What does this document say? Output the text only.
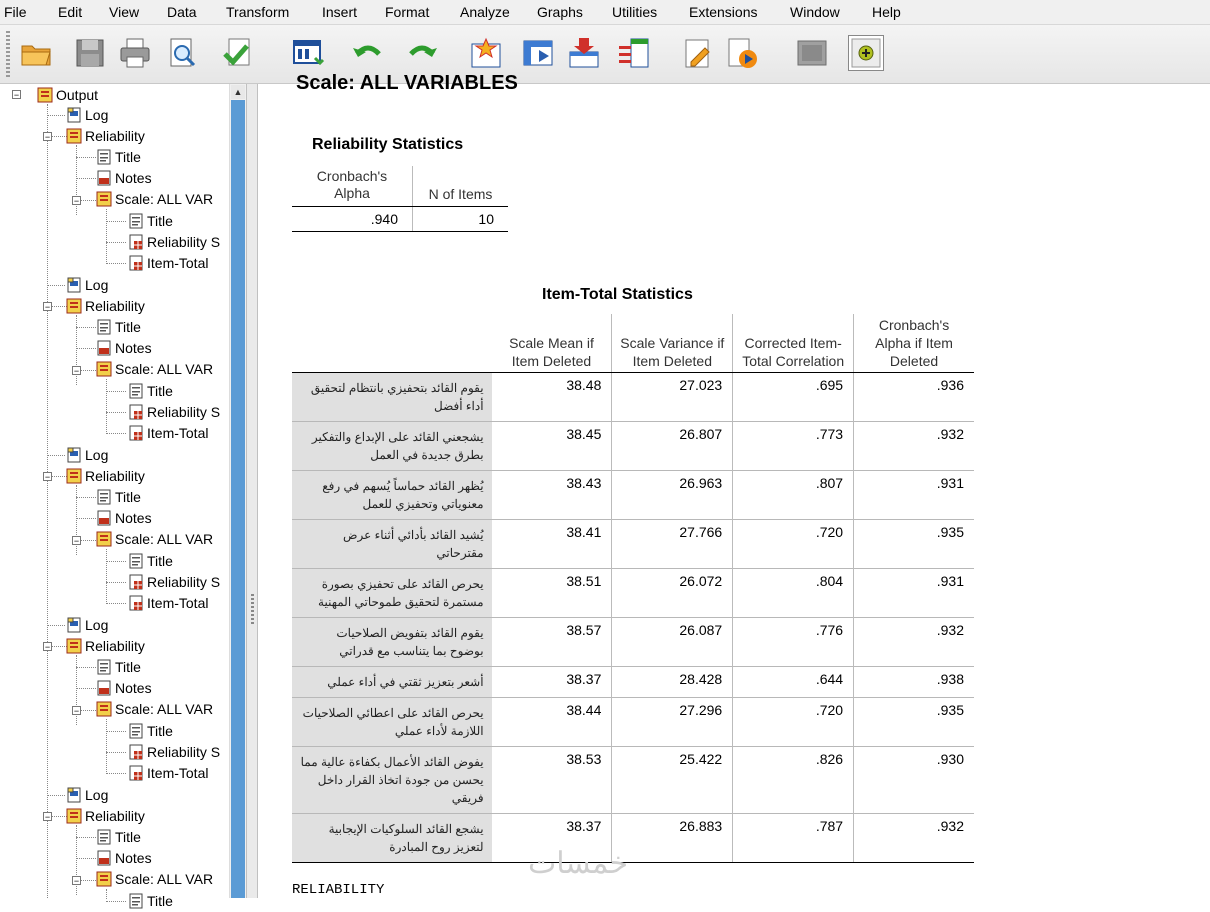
File Edit View Data Transform Insert Format Analyze Graphs Utilities Extensions Window Help
−	Output
Log
− Reliability
Title
Notes
−	Scale: ALL VAR
Title
Reliability S
Item-Total
Log
− Reliability
Title
Notes
−	Scale: ALL VAR
Title
Reliability S
Item-Total
Log
− Reliability
Title
Notes
−	Scale: ALL VAR
Title
Reliability S
Item-Total
Log
− Reliability
Title
Notes
−	Scale: ALL VAR
Title
Reliability S
Item-Total
Log
− Reliability
Title
Notes
−	Scale: ALL VAR
Title
▲	Scale: ALL VARIABLES
Reliability Statistics
Cronbach's Alpha	N of Items
.940	10
Item-Total Statistics
	Scale Mean if Item Deleted	Scale Variance if Item Deleted	Corrected Item-Total Correlation	Cronbach's Alpha if Item Deleted
يقوم القائد بتحفيزي بانتظام لتحقيق أداء أفضل	38.48	27.023	.695	.936
يشجعني القائد على الإبداع والتفكير بطرق جديدة في العمل	38.45	26.807	.773	.932
يُظهر القائد حماساً يُسهم في رفع معنوياتي وتحفيزي للعمل	38.43	26.963	.807	.931
يُشيد القائد بأدائي أثناء عرض مقترحاتي	38.41	27.766	.720	.935
يحرص القائد على تحفيزي بصورة مستمرة لتحقيق طموحاتي المهنية	38.51	26.072	.804	.931
يقوم القائد بتفويض الصلاحيات بوضوح بما يتناسب مع قدراتي	38.57	26.087	.776	.932
أشعر بتعزيز ثقتي في أداء عملي	38.37	28.428	.644	.938
يحرص القائد على اعطائي الصلاحيات اللازمة لأداء عملي	38.44	27.296	.720	.935
يفوض القائد الأعمال بكفاءة عالية مما يحسن من جودة اتخاذ القرار داخل فريقي	38.53	25.422	.826	.930
يشجع القائد السلوكيات الإيجابية لتعزيز روح المبادرة	38.37	26.883	.787	.932
خمسات
RELIABILITY
